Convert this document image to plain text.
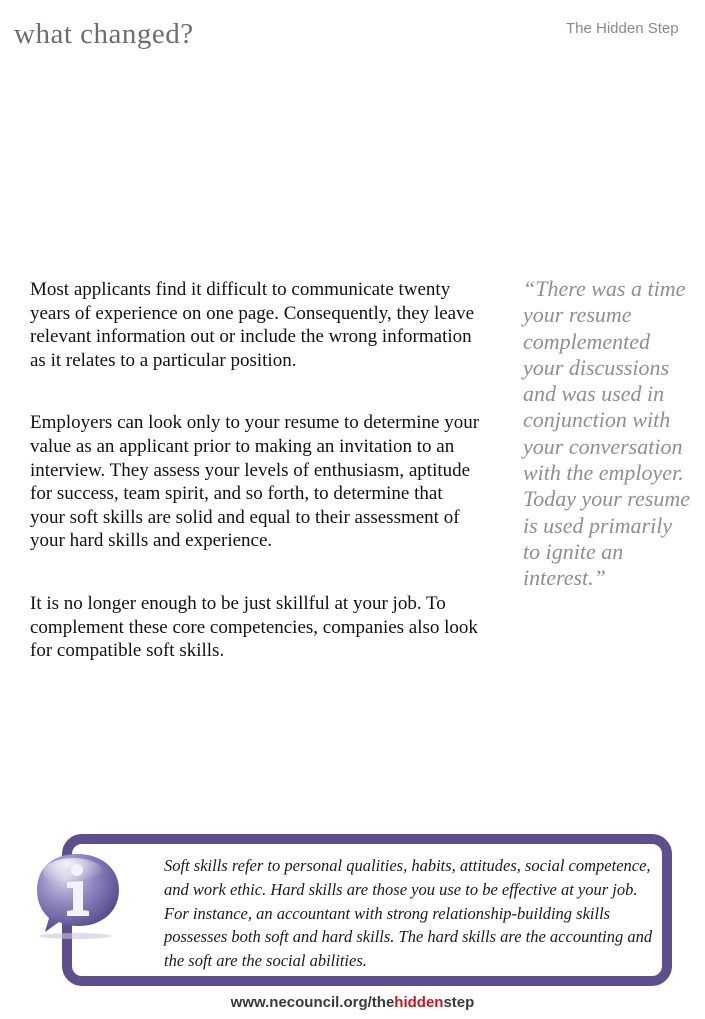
what changed?	The Hidden Step

Most applicants find it difficult to communicate twenty years of experience on one page. Consequently, they leave relevant information out or include the wrong information as it relates to a particular position.

Employers can look only to your resume to determine your value as an applicant prior to making an invitation to an interview. They assess your levels of enthusiasm, aptitude for success, team spirit, and so forth, to determine that your soft skills are solid and equal to their assessment of your hard skills and experience.

It is no longer enough to be just skillful at your job. To complement these core competencies, companies also look for compatible soft skills.

“There was a time your resume complemented your discussions and was used in conjunction with your conversation with the employer. Today your resume is used primarily to ignite an interest.”
Soft skills refer to personal qualities, habits, attitudes, social competence, and work ethic. Hard skills are those you use to be effective at your job. For instance, an accountant with strong relationship-building skills possesses both soft and hard skills. The hard skills are the accounting and the soft are the social abilities.
www.necouncil.org/thehiddenstep
